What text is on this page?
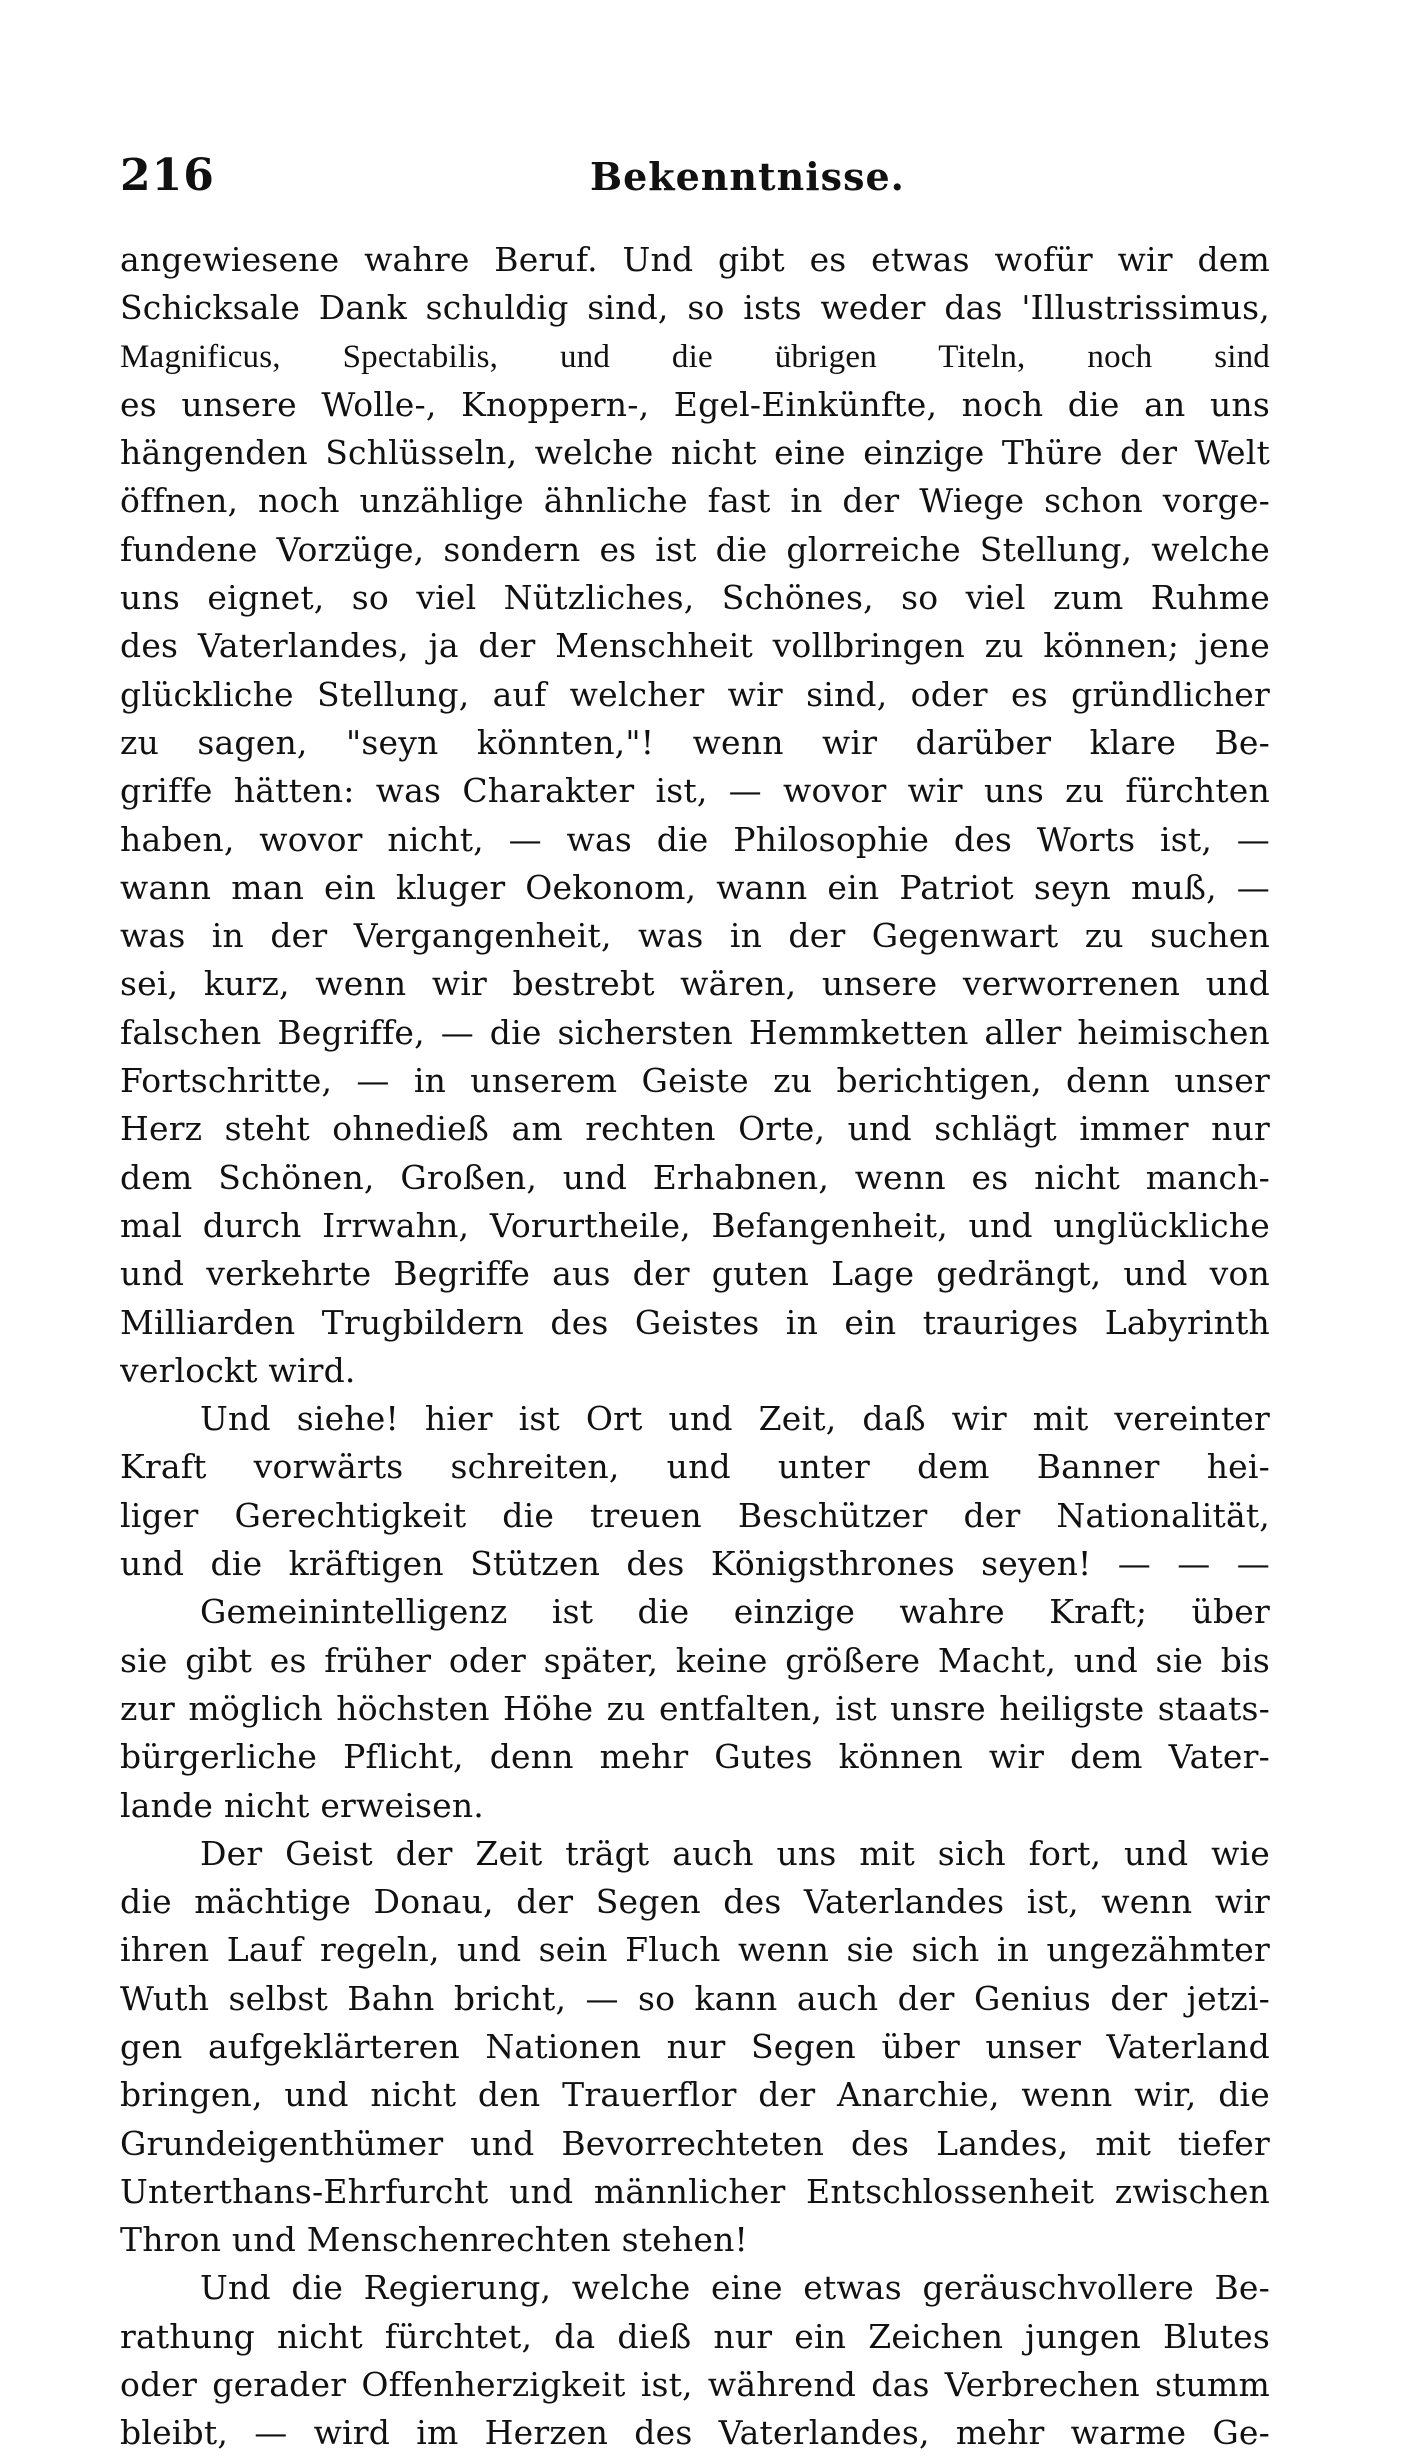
216	Bekenntnisse.
angewiesene wahre Beruf. Und gibt es etwas wofür wir dem
Schicksale Dank schuldig sind, so ists weder das 'Illustrissimus,
Magnificus, Spectabilis, und die übrigen Titeln, noch sind
es unsere Wolle-, Knoppern-, Egel-Einkünfte, noch die an uns
hängenden Schlüsseln, welche nicht eine einzige Thüre der Welt
öffnen, noch unzählige ähnliche fast in der Wiege schon vorge-
fundene Vorzüge, sondern es ist die glorreiche Stellung, welche
uns eignet, so viel Nützliches, Schönes, so viel zum Ruhme
des Vaterlandes, ja der Menschheit vollbringen zu können; jene
glückliche Stellung, auf welcher wir sind, oder es gründlicher
zu sagen, "seyn könnten,"! wenn wir darüber klare Be-
griffe hätten: was Charakter ist, — wovor wir uns zu fürchten
haben, wovor nicht, — was die Philosophie des Worts ist, —
wann man ein kluger Oekonom, wann ein Patriot seyn muß, —
was in der Vergangenheit, was in der Gegenwart zu suchen
sei, kurz, wenn wir bestrebt wären, unsere verworrenen und
falschen Begriffe, — die sichersten Hemmketten aller heimischen
Fortschritte, — in unserem Geiste zu berichtigen, denn unser
Herz steht ohnedieß am rechten Orte, und schlägt immer nur
dem Schönen, Großen, und Erhabnen, wenn es nicht manch-
mal durch Irrwahn, Vorurtheile, Befangenheit, und unglückliche
und verkehrte Begriffe aus der guten Lage gedrängt, und von
Milliarden Trugbildern des Geistes in ein trauriges Labyrinth
verlockt wird.
Und siehe! hier ist Ort und Zeit, daß wir mit vereinter
Kraft vorwärts schreiten, und unter dem Banner hei-
liger Gerechtigkeit die treuen Beschützer der Nationalität,
und die kräftigen Stützen des Königsthrones seyen! — — —
Gemeinintelligenz ist die einzige wahre Kraft; über
sie gibt es früher oder später, keine größere Macht, und sie bis
zur möglich höchsten Höhe zu entfalten, ist unsre heiligste staats-
bürgerliche Pflicht, denn mehr Gutes können wir dem Vater-
lande nicht erweisen.
Der Geist der Zeit trägt auch uns mit sich fort, und wie
die mächtige Donau, der Segen des Vaterlandes ist, wenn wir
ihren Lauf regeln, und sein Fluch wenn sie sich in ungezähmter
Wuth selbst Bahn bricht, — so kann auch der Genius der jetzi-
gen aufgeklärteren Nationen nur Segen über unser Vaterland
bringen, und nicht den Trauerflor der Anarchie, wenn wir, die
Grundeigenthümer und Bevorrechteten des Landes, mit tiefer
Unterthans-Ehrfurcht und männlicher Entschlossenheit zwischen
Thron und Menschenrechten stehen!
Und die Regierung, welche eine etwas geräuschvollere Be-
rathung nicht fürchtet, da dieß nur ein Zeichen jungen Blutes
oder gerader Offenherzigkeit ist, während das Verbrechen stumm
bleibt, — wird im Herzen des Vaterlandes, mehr warme Ge-
